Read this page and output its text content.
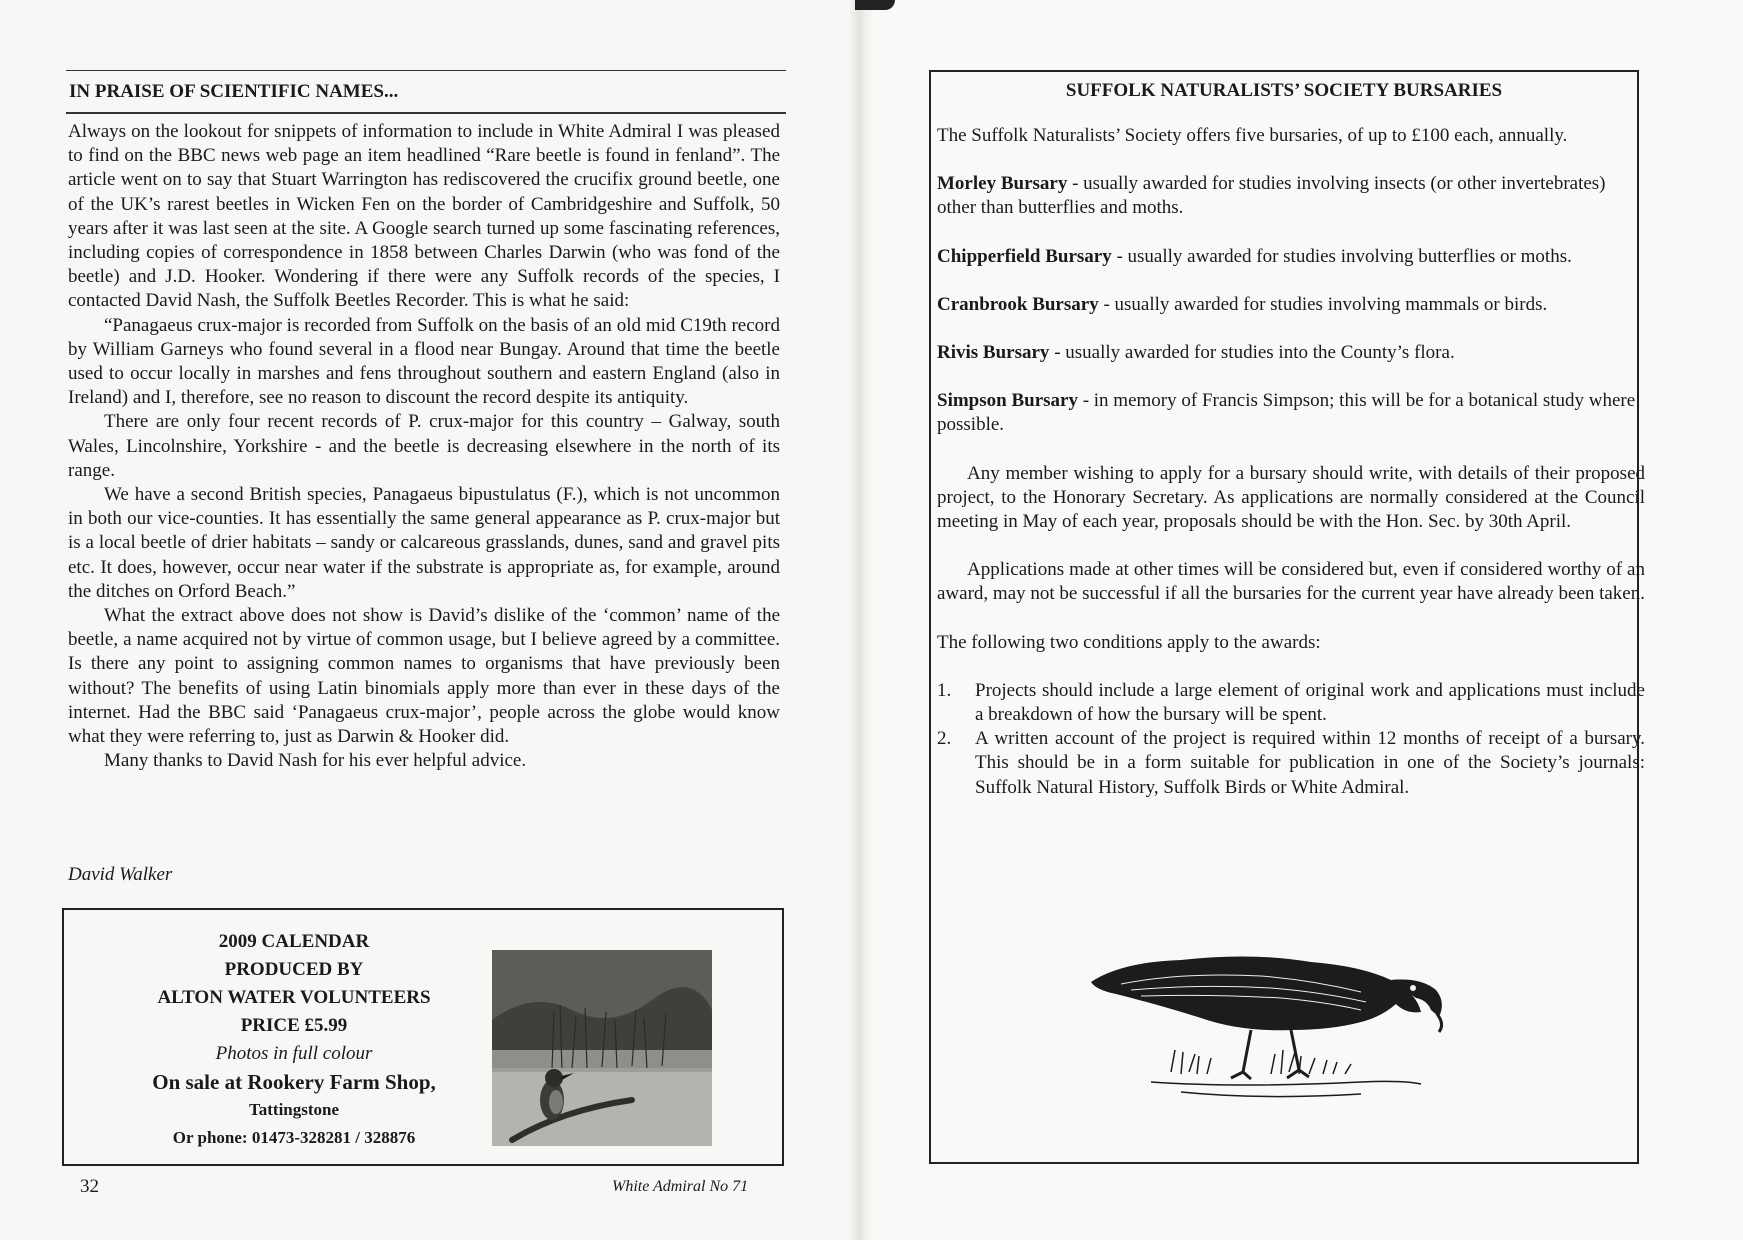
IN PRAISE OF SCIENTIFIC NAMES...

Always on the lookout for snippets of information to include in White Admiral I was pleased to find on the BBC news web page an item headlined “Rare beetle is found in fenland”. The article went on to say that Stuart Warrington has rediscovered the crucifix ground beetle, one of the UK’s rarest beetles in Wicken Fen on the border of Cambridgeshire and Suffolk, 50 years after it was last seen at the site. A Google search turned up some fascinating references, including copies of correspondence in 1858 between Charles Darwin (who was fond of the beetle) and J.D. Hooker. Wondering if there were any Suffolk records of the species, I contacted David Nash, the Suffolk Beetles Recorder. This is what he said:

“Panagaeus crux-major is recorded from Suffolk on the basis of an old mid C19th record by William Garneys who found several in a flood near Bungay. Around that time the beetle used to occur locally in marshes and fens throughout southern and eastern England (also in Ireland) and I, therefore, see no reason to discount the record despite its antiquity.

There are only four recent records of P. crux-major for this country – Galway, south Wales, Lincolnshire, Yorkshire - and the beetle is decreasing elsewhere in the north of its range.

We have a second British species, Panagaeus bipustulatus (F.), which is not uncommon in both our vice-counties. It has essentially the same general appearance as P. crux-major but is a local beetle of drier habitats – sandy or calcareous grasslands, dunes, sand and gravel pits etc. It does, however, occur near water if the substrate is appropriate as, for example, around the ditches on Orford Beach.”

What the extract above does not show is David’s dislike of the ‘common’ name of the beetle, a name acquired not by virtue of common usage, but I believe agreed by a committee. Is there any point to assigning common names to organisms that have previously been without? The benefits of using Latin binomials apply more than ever in these days of the internet. Had the BBC said ‘Panagaeus crux-major’, people across the globe would know what they were referring to, just as Darwin & Hooker did.

Many thanks to David Nash for his ever helpful advice.

David Walker
2009 CALENDAR
PRODUCED BY
ALTON WATER VOLUNTEERS
PRICE £5.99
Photos in full colour
On sale at Rookery Farm Shop,
Tattingstone
Or phone: 01473-328281 / 328876
32	White Admiral No 71
SUFFOLK NATURALISTS’ SOCIETY BURSARIES

The Suffolk Naturalists’ Society offers five bursaries, of up to £100 each, annually.

Morley Bursary - usually awarded for studies involving insects (or other invertebrates) other than butterflies and moths.

Chipperfield Bursary - usually awarded for studies involving butterflies or moths.

Cranbrook Bursary - usually awarded for studies involving mammals or birds.

Rivis Bursary - usually awarded for studies into the County’s flora.

Simpson Bursary - in memory of Francis Simpson; this will be for a botanical study where possible.

Any member wishing to apply for a bursary should write, with details of their proposed project, to the Honorary Secretary. As applications are normally considered at the Council meeting in May of each year, proposals should be with the Hon. Sec. by 30th April.

Applications made at other times will be considered but, even if considered worthy of an award, may not be successful if all the bursaries for the current year have already been taken.

The following two conditions apply to the awards:

1. Projects should include a large element of original work and applications must include a breakdown of how the bursary will be spent.
2. A written account of the project is required within 12 months of receipt of a bursary. This should be in a form suitable for publication in one of the Society’s journals: Suffolk Natural History, Suffolk Birds or White Admiral.
